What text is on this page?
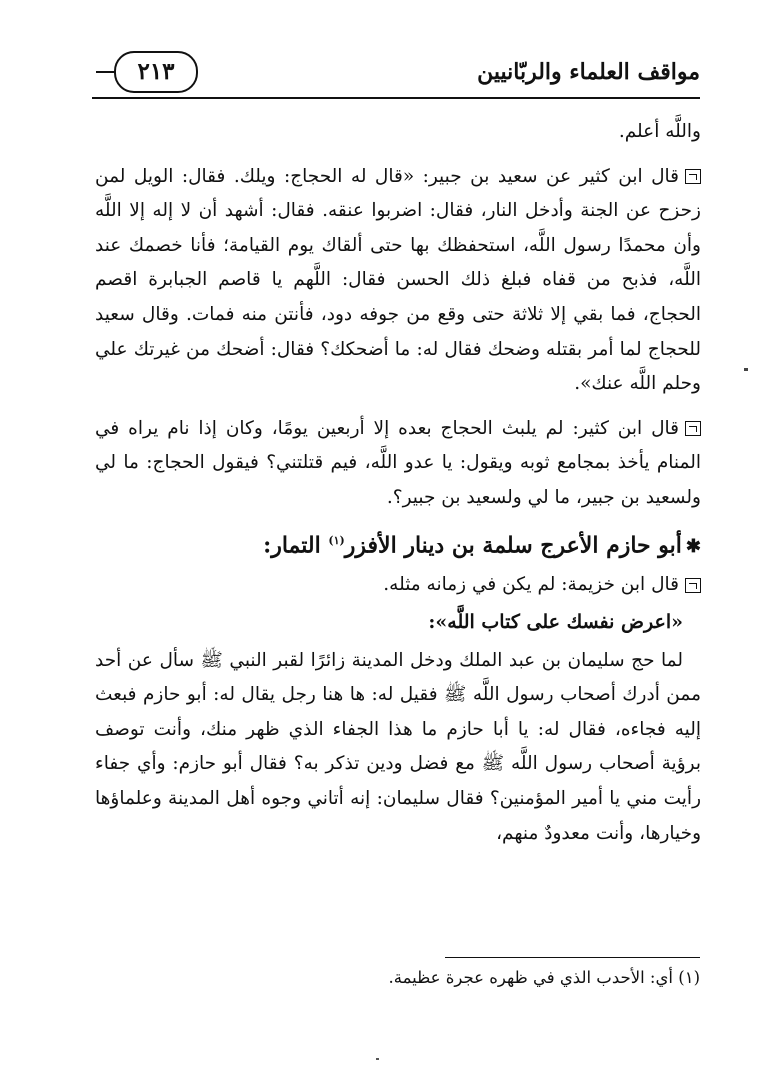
مواقف العلماء والربّانيين
٢١٣

واللَّه أعلم.

قال ابن كثير عن سعيد بن جبير: «قال له الحجاج: ويلك. فقال: الويل لمن زحزح عن الجنة وأدخل النار، فقال: اضربوا عنقه. فقال: أشهد أن لا إله إلا اللَّه وأن محمدًا رسول اللَّه، استحفظك بها حتى ألقاك يوم القيامة؛ فأنا خصمك عند اللَّه، فذبح من قفاه فبلغ ذلك الحسن فقال: اللَّهم يا قاصم الجبابرة اقصم الحجاج، فما بقي إلا ثلاثة حتى وقع من جوفه دود، فأنتن منه فمات. وقال سعيد للحجاج لما أمر بقتله وضحك فقال له: ما أضحكك؟ فقال: أضحك من غيرتك علي وحلم اللَّه عنك».

قال ابن كثير: لم يلبث الحجاج بعده إلا أربعين يومًا، وكان إذا نام يراه في المنام يأخذ بمجامع ثوبه ويقول: يا عدو اللَّه، فيم قتلتني؟ فيقول الحجاج: ما لي ولسعيد بن جبير، ما لي ولسعيد بن جبير؟.

✱أبو حازم الأعرج سلمة بن دينار الأفزر$^{(١)}$ التمار:

قال ابن خزيمة: لم يكن في زمانه مثله.

«اعرض نفسك على كتاب اللَّه»:

لما حج سليمان بن عبد الملك ودخل المدينة زائرًا لقبر النبي ﷺ سأل عن أحد ممن أدرك أصحاب رسول اللَّه ﷺ فقيل له: ها هنا رجل يقال له: أبو حازم فبعث إليه فجاءه، فقال له: يا أبا حازم ما هذا الجفاء الذي ظهر منك، وأنت توصف برؤية أصحاب رسول اللَّه ﷺ مع فضل ودين تذكر به؟ فقال أبو حازم: وأي جفاء رأيت مني يا أمير المؤمنين؟ فقال سليمان: إنه أتاني وجوه أهل المدينة وعلماؤها وخيارها، وأنت معدودٌ منهم،

(١) أي: الأحدب الذي في ظهره عجرة عظيمة.
